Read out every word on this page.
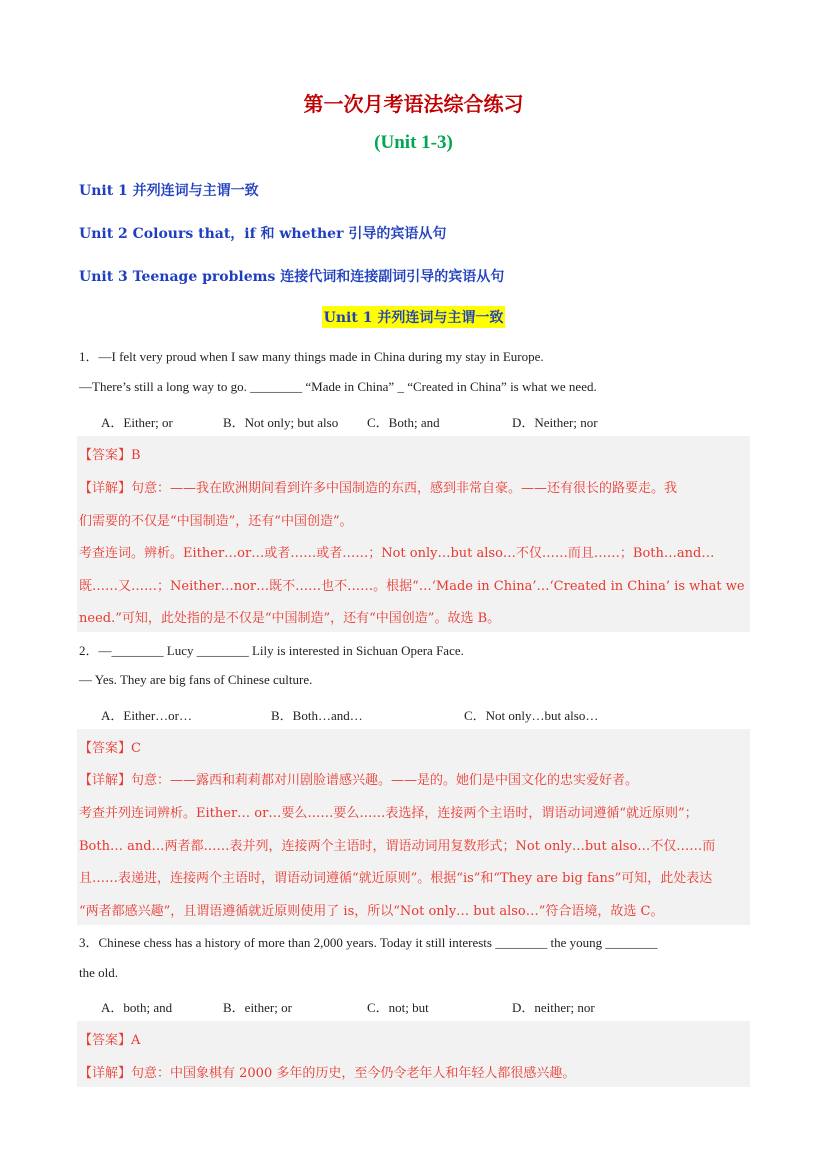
第一次月考语法综合练习
(Unit 1-3)
Unit 1 并列连词与主谓一致
Unit 2 Colours that，if 和 whether 引导的宾语从句
Unit 3 Teenage problems 连接代词和连接副词引导的宾语从句
Unit 1 并列连词与主谓一致
1．—I felt very proud when I saw many things made in China during my stay in Europe.
—There’s still a long way to go. ________ “Made in China” _ “Created in China” is what we need.
A．Either; or	B．Not only; but also C．Both; and	D．Neither; nor
【答案】B
【详解】句意：——我在欧洲期间看到许多中国制造的东西，感到非常自豪。——还有很长的路要走。我
们需要的不仅是“中国制造”，还有“中国创造”。
考查连词。辨析。Either…or…或者……或者……；Not only…but also…不仅……而且……；Both…and…
既……又……；Neither…nor…既不……也不……。根据“…‘Made in China’…‘Created in China’ is what we
need.”可知，此处指的是不仅是“中国制造”，还有“中国创造”。故选 B。
2．—________ Lucy ________ Lily is interested in Sichuan Opera Face.
— Yes. They are big fans of Chinese culture.
A．Either…or…	B．Both…and…	C．Not only…but also…
【答案】C
【详解】句意：——露西和莉莉都对川剧脸谱感兴趣。——是的。她们是中国文化的忠实爱好者。
考查并列连词辨析。Either… or…要么……要么……表选择，连接两个主语时，谓语动词遵循“就近原则”；
Both… and…两者都……表并列，连接两个主语时，谓语动词用复数形式；Not only…but also…不仅……而
且……表递进，连接两个主语时，谓语动词遵循“就近原则”。根据“is”和“They are big fans”可知，此处表达
“两者都感兴趣”，且谓语遵循就近原则使用了 is，所以“Not only… but also…”符合语境，故选 C。
3．Chinese chess has a history of more than 2,000 years. Today it still interests ________ the young ________
the old.
A．both; and	B．either; or	C．not; but	D．neither; nor
【答案】A
【详解】句意：中国象棋有 2000 多年的历史，至今仍令老年人和年轻人都很感兴趣。
